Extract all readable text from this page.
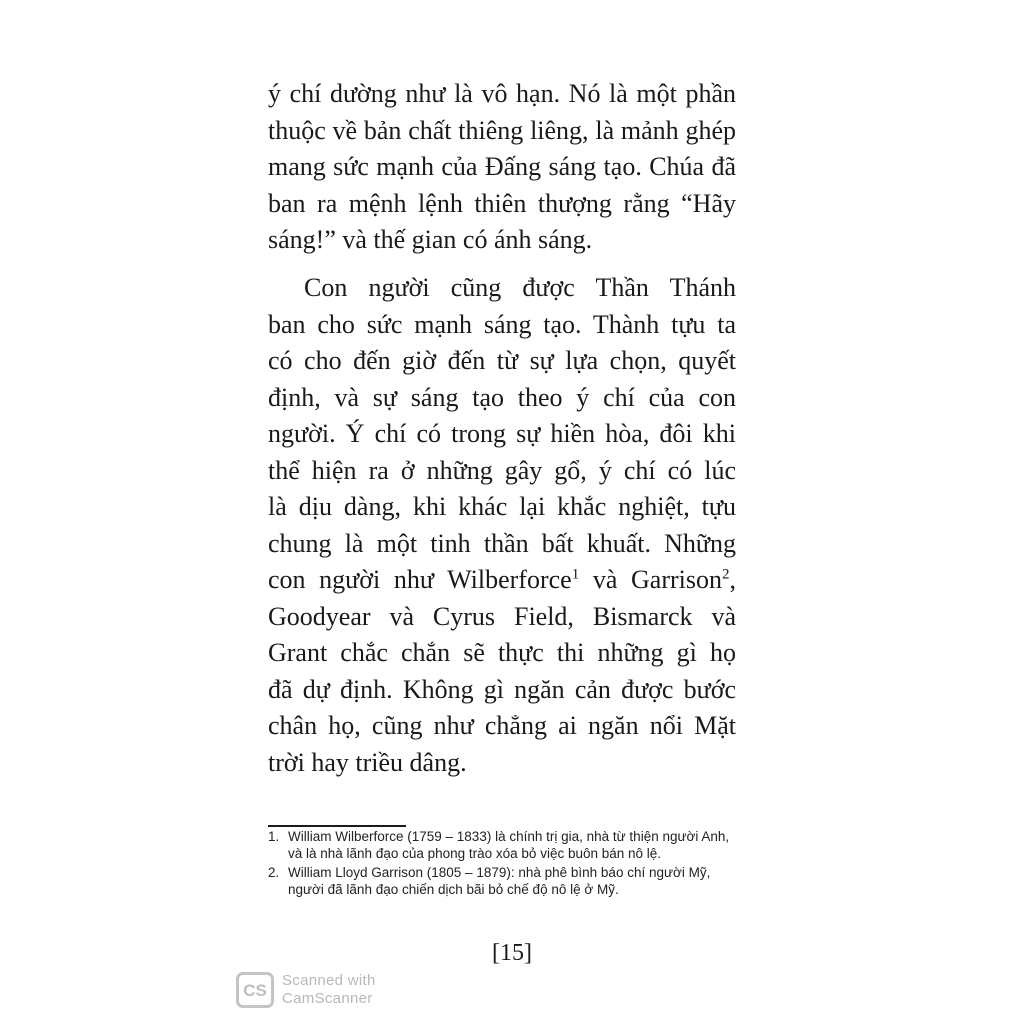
ý chí dường như là vô hạn. Nó là một phần
thuộc về bản chất thiêng liêng, là mảnh ghép
mang sức mạnh của Đấng sáng tạo. Chúa đã
ban ra mệnh lệnh thiên thượng rằng “Hãy
sáng!” và thế gian có ánh sáng.
Con người cũng được Thần Thánh
ban cho sức mạnh sáng tạo. Thành tựu ta
có cho đến giờ đến từ sự lựa chọn, quyết
định, và sự sáng tạo theo ý chí của con
người. Ý chí có trong sự hiền hòa, đôi khi
thể hiện ra ở những gây gổ, ý chí có lúc
là dịu dàng, khi khác lại khắc nghiệt, tựu
chung là một tinh thần bất khuất. Những
con người như Wilberforce$^1$ và Garrison$^2$,
Goodyear và Cyrus Field, Bismarck và
Grant chắc chắn sẽ thực thi những gì họ
đã dự định. Không gì ngăn cản được bước
chân họ, cũng như chẳng ai ngăn nổi Mặt
trời hay triều dâng.
1. William Wilberforce (1759 – 1833) là chính trị gia, nhà từ thiện người Anh, và là nhà lãnh đạo của phong trào xóa bỏ việc buôn bán nô lệ.
2. William Lloyd Garrison (1805 – 1879): nhà phê bình báo chí người Mỹ, người đã lãnh đạo chiến dịch bãi bỏ chế độ nô lệ ở Mỹ.
[15]
CS
Scanned with
CamScanner
